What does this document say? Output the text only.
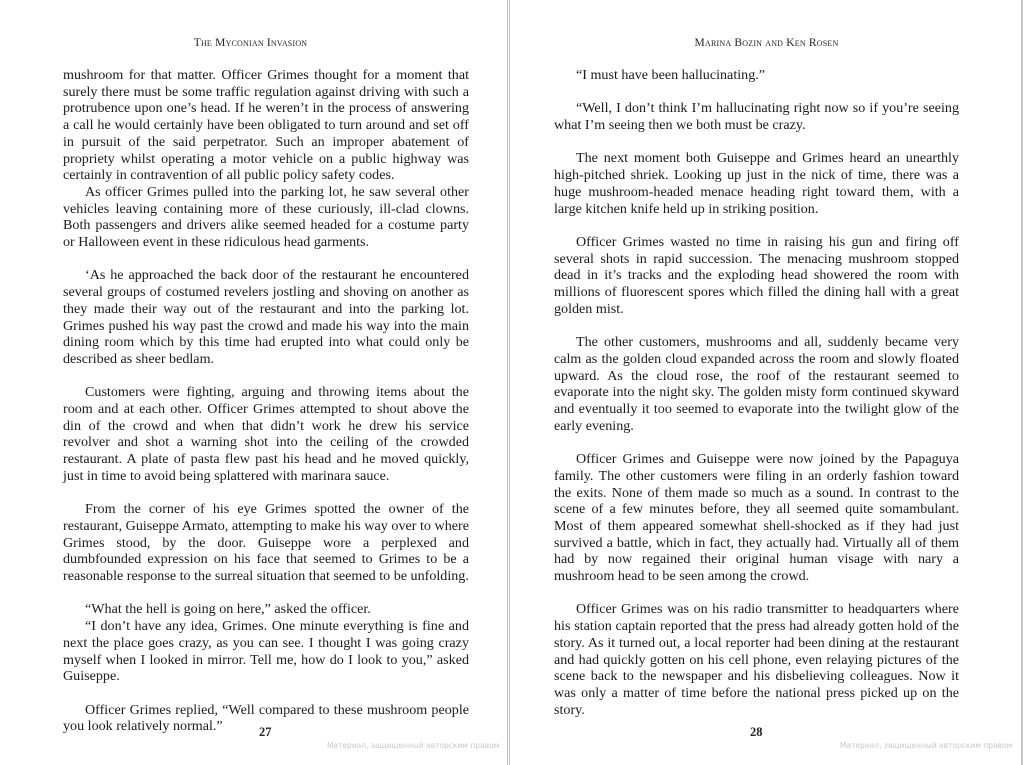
The Myconian Invasion

mushroom for that matter. Officer Grimes thought for a moment that surely there must be some traffic regulation against driving with such a protrubence upon one’s head. If he weren’t in the process of answering a call he would certainly have been obligated to turn around and set off in pursuit of the said perpetrator. Such an improper abatement of propriety whilst operating a motor vehicle on a public highway was certainly in contravention of all public policy safety codes.

As officer Grimes pulled into the parking lot, he saw several other vehicles leaving containing more of these curiously, ill-clad clowns. Both passengers and drivers alike seemed headed for a costume party or Halloween event in these ridiculous head garments.

‘As he approached the back door of the restaurant he encountered several groups of costumed revelers jostling and shoving on another as they made their way out of the restaurant and into the parking lot. Grimes pushed his way past the crowd and made his way into the main dining room which by this time had erupted into what could only be described as sheer bedlam.

Customers were fighting, arguing and throwing items about the room and at each other. Officer Grimes attempted to shout above the din of the crowd and when that didn’t work he drew his service revolver and shot a warning shot into the ceiling of the crowded restaurant. A plate of pasta flew past his head and he moved quickly, just in time to avoid being splattered with marinara sauce.

From the corner of his eye Grimes spotted the owner of the restaurant, Guiseppe Armato, attempting to make his way over to where Grimes stood, by the door. Guiseppe wore a perplexed and dumbfounded expression on his face that seemed to Grimes to be a reasonable response to the surreal situation that seemed to be unfolding.

“What the hell is going on here,” asked the officer.

“I don’t have any idea, Grimes. One minute everything is fine and next the place goes crazy, as you can see. I thought I was going crazy myself when I looked in mirror. Tell me, how do I look to you,” asked Guiseppe.

Officer Grimes replied, “Well compared to these mushroom people you look relatively normal.”	27
Материал, защищенный авторским правом
Marina Bozin and Ken Rosen

“I must have been hallucinating.”

“Well, I don’t think I’m hallucinating right now so if you’re seeing what I’m seeing then we both must be crazy.

The next moment both Guiseppe and Grimes heard an unearthly high-pitched shriek. Looking up just in the nick of time, there was a huge mushroom-headed menace heading right toward them, with a large kitchen knife held up in striking position.

Officer Grimes wasted no time in raising his gun and firing off several shots in rapid succession. The menacing mushroom stopped dead in it’s tracks and the exploding head showered the room with millions of fluorescent spores which filled the dining hall with a great golden mist.

The other customers, mushrooms and all, suddenly became very calm as the golden cloud expanded across the room and slowly floated upward. As the cloud rose, the roof of the restaurant seemed to evaporate into the night sky. The golden misty form continued skyward and eventually it too seemed to evaporate into the twilight glow of the early evening.

Officer Grimes and Guiseppe were now joined by the Papaguya family. The other customers were filing in an orderly fashion toward the exits. None of them made so much as a sound. In contrast to the scene of a few minutes before, they all seemed quite somambulant. Most of them appeared somewhat shell-shocked as if they had just survived a battle, which in fact, they actually had. Virtually all of them had by now regained their original human visage with nary a mushroom head to be seen among the crowd.

Officer Grimes was on his radio transmitter to headquarters where his station captain reported that the press had already gotten hold of the story. As it turned out, a local reporter had been dining at the restaurant and had quickly gotten on his cell phone, even relaying pictures of the scene back to the newspaper and his disbelieving colleagues. Now it was only a matter of time before the national press picked up on the story.

28
Материал, защищенный авторским правом
